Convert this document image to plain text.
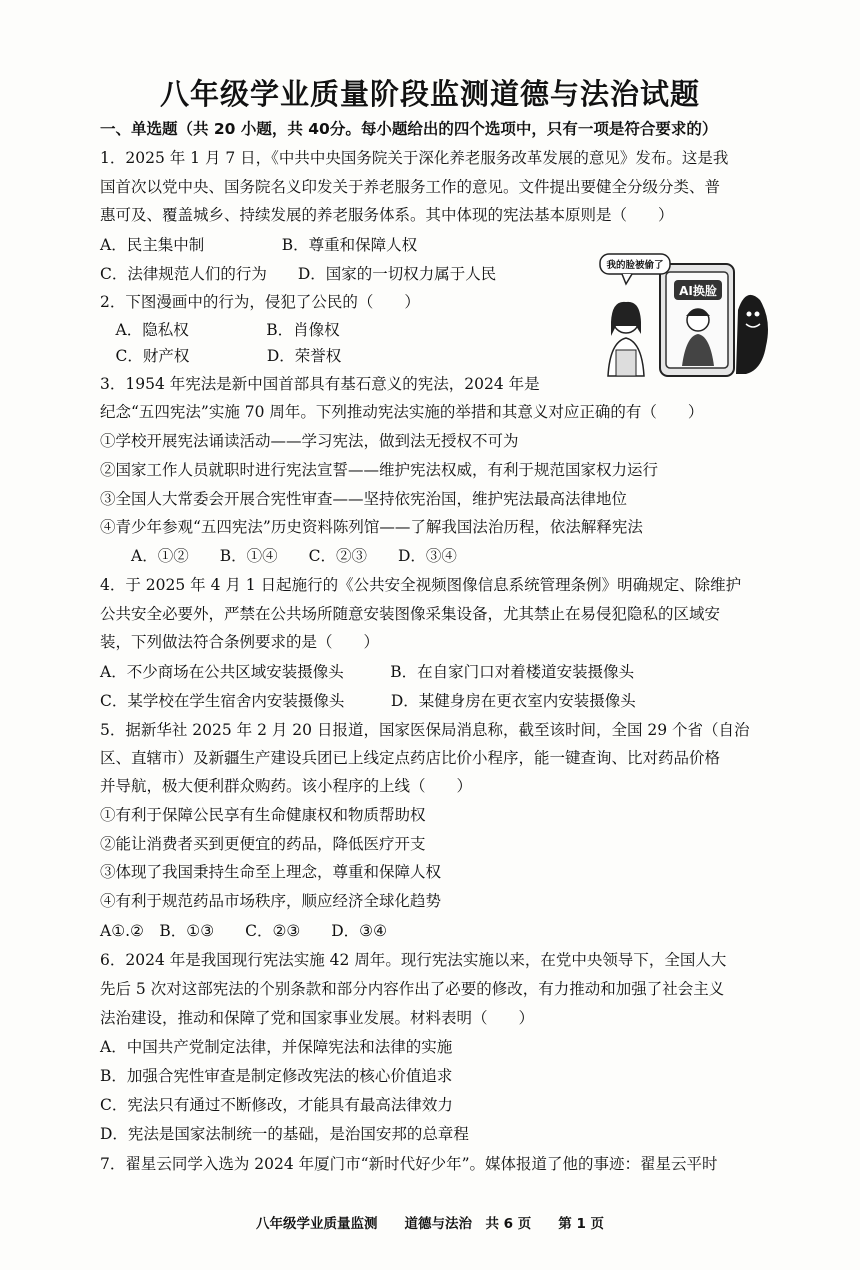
八年级学业质量阶段监测道德与法治试题
一、单选题（共 20 小题，共 40分。每小题给出的四个选项中，只有一项是符合要求的）
1．2025 年 1 月 7 日，《中共中央国务院关于深化养老服务改革发展的意见》发布。这是我
国首次以党中央、国务院名义印发关于养老服务工作的意见。文件提出要健全分级分类、普
惠可及、覆盖城乡、持续发展的养老服务体系。其中体现的宪法基本原则是（　　）
A．民主集中制　　　　　B．尊重和保障人权
C．法律规范人们的行为　　D．国家的一切权力属于人民
2．下图漫画中的行为，侵犯了公民的（　　）
　A．隐私权　　　　　B．肖像权
　C．财产权　　　　　D．荣誉权
AI换脸
我的脸被偷了
3．1954 年宪法是新中国首部具有基石意义的宪法，2024 年是
纪念“五四宪法”实施 70 周年。下列推动宪法实施的举措和其意义对应正确的有（　　）
①学校开展宪法诵读活动——学习宪法，做到法无授权不可为
②国家工作人员就职时进行宪法宣誓——维护宪法权威，有利于规范国家权力运行
③全国人大常委会开展合宪性审查——坚持依宪治国，维护宪法最高法律地位
④青少年参观“五四宪法”历史资料陈列馆——了解我国法治历程，依法解释宪法
　　A．①②　　B．①④　　C．②③　　D．③④
4．于 2025 年 4 月 1 日起施行的《公共安全视频图像信息系统管理条例》明确规定、除维护
公共安全必要外，严禁在公共场所随意安装图像采集设备，尤其禁止在易侵犯隐私的区域安
装，下列做法符合条例要求的是（　　）
A．不少商场在公共区域安装摄像头　　　B．在自家门口对着楼道安装摄像头
C．某学校在学生宿舍内安装摄像头　　　D．某健身房在更衣室内安装摄像头
5．据新华社 2025 年 2 月 20 日报道，国家医保局消息称，截至该时间，全国 29 个省（自治
区、直辖市）及新疆生产建设兵团已上线定点药店比价小程序，能一键查询、比对药品价格
并导航，极大便利群众购药。该小程序的上线（　　）
①有利于保障公民享有生命健康权和物质帮助权
②能让消费者买到更便宜的药品，降低医疗开支
③体现了我国秉持生命至上理念，尊重和保障人权
④有利于规范药品市场秩序，顺应经济全球化趋势
A①.②　B．①③　　C．②③　　D．③④
6．2024 年是我国现行宪法实施 42 周年。现行宪法实施以来，在党中央领导下，全国人大
先后 5 次对这部宪法的个别条款和部分内容作出了必要的修改，有力推动和加强了社会主义
法治建设，推动和保障了党和国家事业发展。材料表明（　　）
A．中国共产党制定法律，并保障宪法和法律的实施
B．加强合宪性审查是制定修改宪法的核心价值追求
C．宪法只有通过不断修改，才能具有最高法律效力
D．宪法是国家法制统一的基础，是治国安邦的总章程
7．翟星云同学入选为 2024 年厦门市“新时代好少年”。媒体报道了他的事迹：翟星云平时
八年级学业质量监测　　道德与法治　共 6 页　　第 1 页
